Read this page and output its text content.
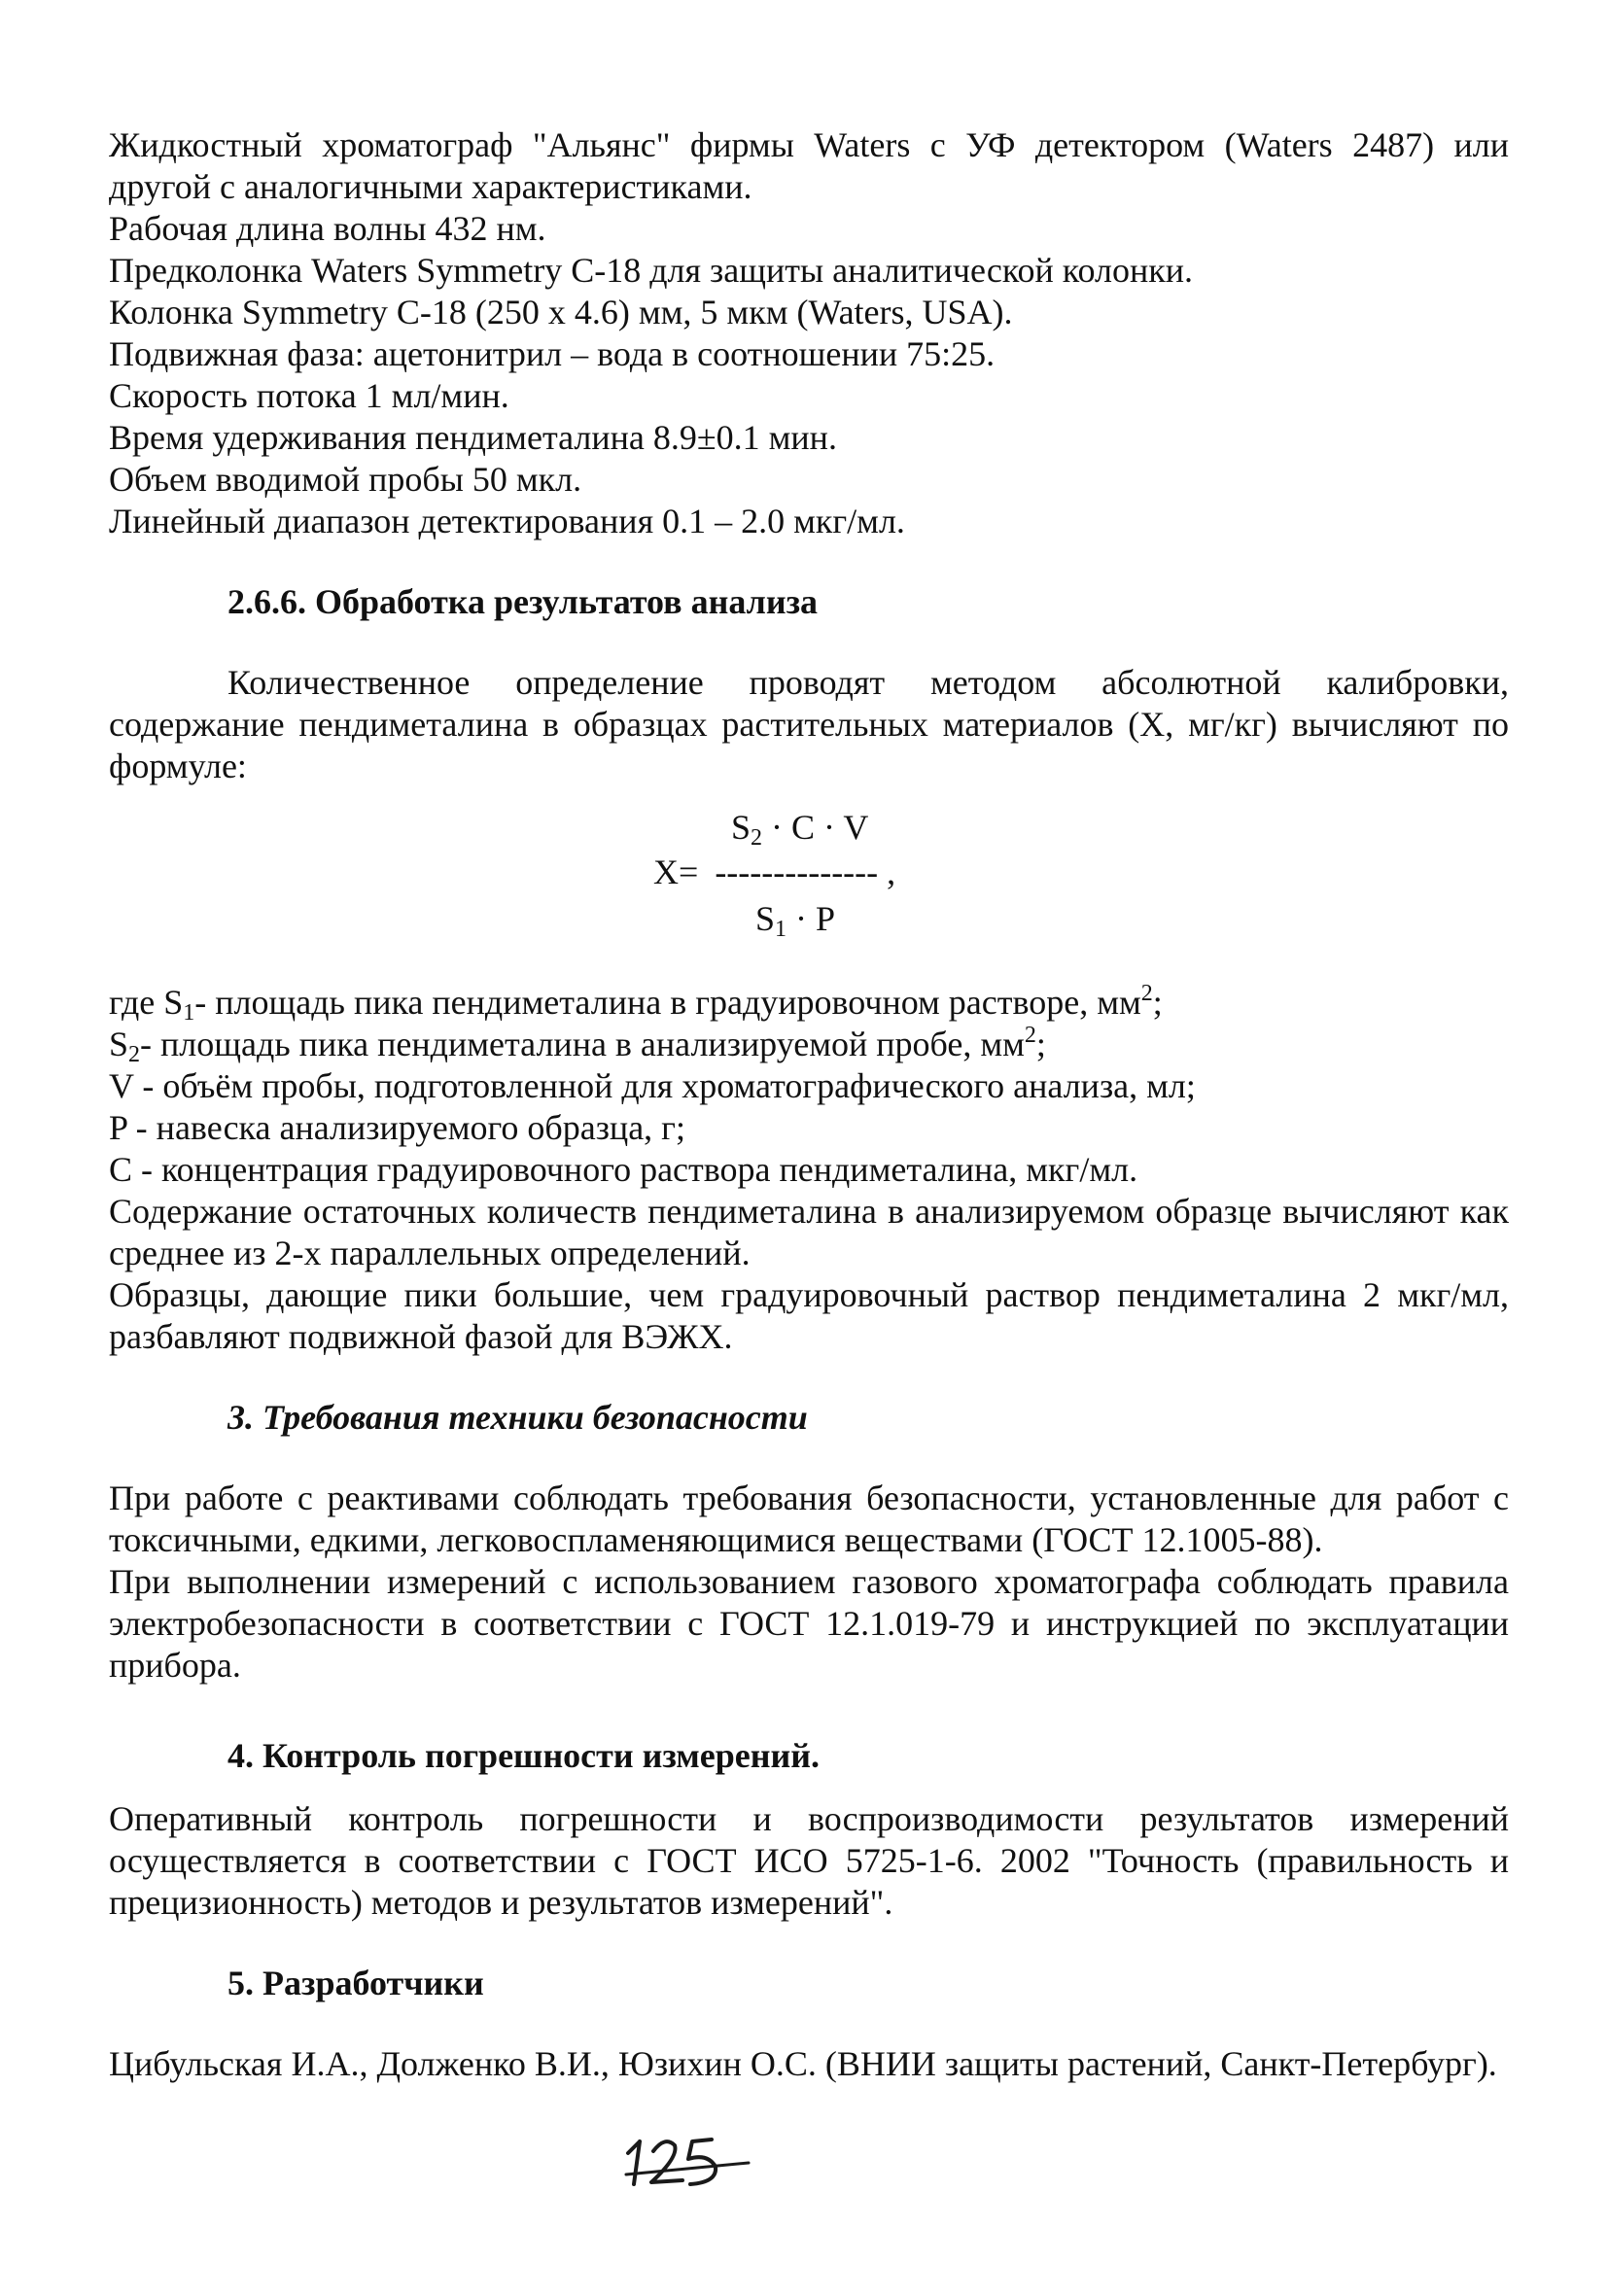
Жидкостный хроматограф "Альянс" фирмы Waters с УФ детектором (Waters 2487) или
другой с аналогичными характеристиками.
Рабочая длина волны 432 нм.
Предколонка Waters Symmetry C-18 для защиты аналитической колонки.
Колонка Symmetry C-18 (250 x 4.6) мм, 5 мкм (Waters, USA).
Подвижная фаза: ацетонитрил – вода в соотношении 75:25.
Скорость потока 1 мл/мин.
Время удерживания пендиметалина 8.9±0.1 мин.
Объем вводимой пробы 50 мкл.
Линейный диапазон детектирования 0.1 – 2.0 мкг/мл.
2.6.6. Обработка результатов анализа
Количественное определение проводят методом абсолютной калибровки,
содержание пендиметалина в образцах растительных материалов (X, мг/кг) вычисляют по
формуле:
$S_2 \cdot C \cdot V$
X= -------------- ,
$S_1 \cdot P$
где $S_1-$ площадь пика пендиметалина в градуировочном растворе, $мм^2$;
$S_2-$ площадь пика пендиметалина в анализируемой пробе, $мм^2$;
V - объём пробы, подготовленной для хроматографического анализа, мл;
P - навеска анализируемого образца, г;
C - концентрация градуировочного раствора пендиметалина, мкг/мл.
Содержание остаточных количеств пендиметалина в анализируемом образце вычисляют как
среднее из 2-х параллельных определений.
Образцы, дающие пики большие, чем градуировочный раствор пендиметалина 2 мкг/мл,
разбавляют подвижной фазой для ВЭЖХ.
3. Требования техники безопасности
При работе с реактивами соблюдать требования безопасности, установленные для работ с
токсичными, едкими, легковоспламеняющимися веществами (ГОСТ 12.1005-88).
При выполнении измерений с использованием газового хроматографа соблюдать правила
электробезопасности в соответствии с ГОСТ 12.1.019-79 и инструкцией по эксплуатации
прибора.
4. Контроль погрешности измерений.
Оперативный контроль погрешности и воспроизводимости результатов измерений
осуществляется в соответствии с ГОСТ ИСО 5725-1-6. 2002 "Точность (правильность и
прецизионность) методов и результатов измерений".
5. Разработчики
Цибульская И.А., Долженко В.И., Юзихин О.С. (ВНИИ защиты растений, Санкт-Петербург).
